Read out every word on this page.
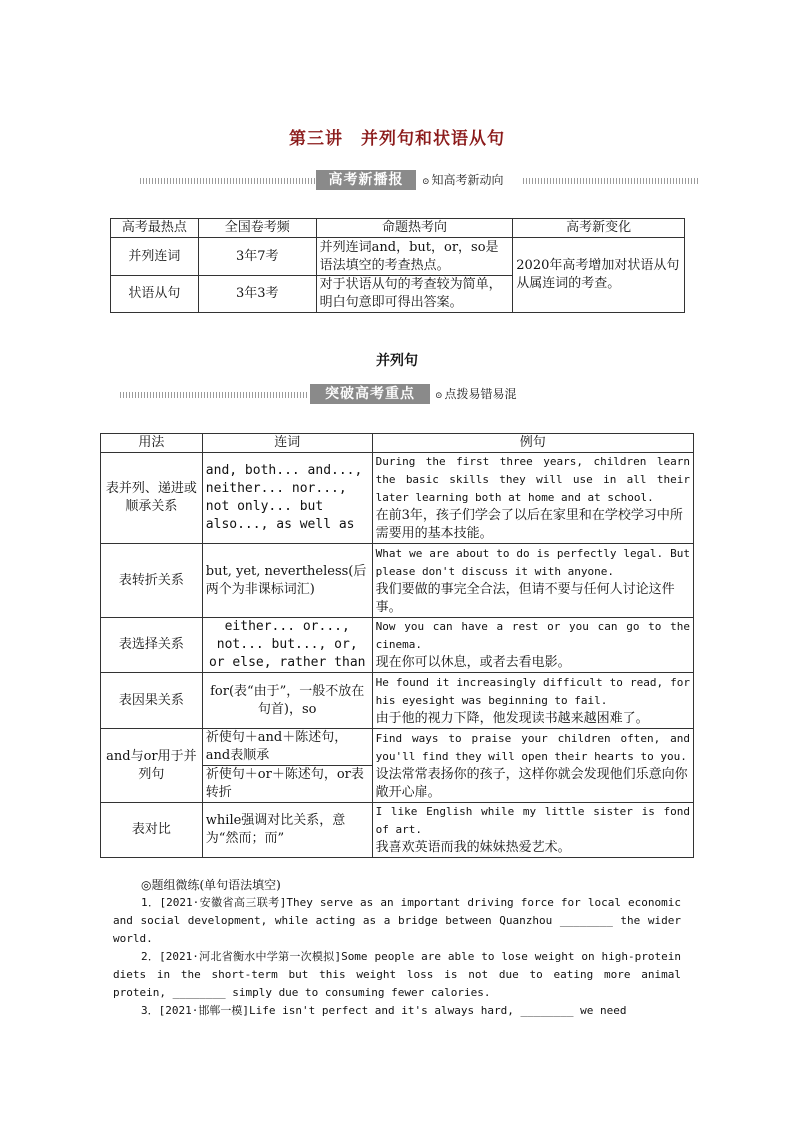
第三讲　并列句和状语从句
高考新播报	⊙ 知高考新动向
高考最热点	全国卷考频	命题热考向	高考新变化
并列连词	3年7考	并列连词and，but，or，so是语法填空的考查热点。	2020年高考增加对状语从句从属连词的考查。
状语从句	3年3考	对于状语从句的考查较为简单，明白句意即可得出答案。	
并列句
突破高考重点	⊙ 点拨易错易混
用法	连词	例句
表并列、递进或顺承关系	and, both... and..., neither... nor..., not only... but also..., as well as	During the first three years, children learn the basic skills they will use in all their later learning both at home and at school.
在前3年，孩子们学会了以后在家里和在学校学习中所需要用的基本技能。

表转折关系	but, yet, nevertheless(后两个为非课标词汇)	What we are about to do is perfectly legal. But please don't discuss it with anyone.
我们要做的事完全合法，但请不要与任何人讨论这件事。

表选择关系	either... or..., not... but..., or, or else, rather than	Now you can have a rest or you can go to the cinema.
现在你可以休息，或者去看电影。

表因果关系	for(表“由于”，一般不放在句首)，so	He found it increasingly difficult to read, for his eyesight was beginning to fail.
由于他的视力下降，他发现读书越来越困难了。

and与or用于并列句	祈使句＋and＋陈述句，and表顺承	Find ways to praise your children often, and you'll find they will open their hearts to you.
设法常常表扬你的孩子，这样你就会发现他们乐意向你敞开心扉。

	祈使句＋or＋陈述句，or表转折	
表对比	while强调对比关系，意为“然而；而”	I like English while my little sister is fond of art.
我喜欢英语而我的妹妹热爱艺术。

◎题组微练(单句语法填空)

1．[2021·安徽省高三联考]They serve as an important driving force for local economic and social development, while acting as a bridge between Quanzhou ________ the wider world.

2．[2021·河北省衡水中学第一次模拟]Some people are able to lose weight on high-protein diets in the short-term but this weight loss is not due to eating more animal protein, ________ simply due to consuming fewer calories.

3．[2021·邯郸一模]Life isn't perfect and it's always hard, ________ we need
